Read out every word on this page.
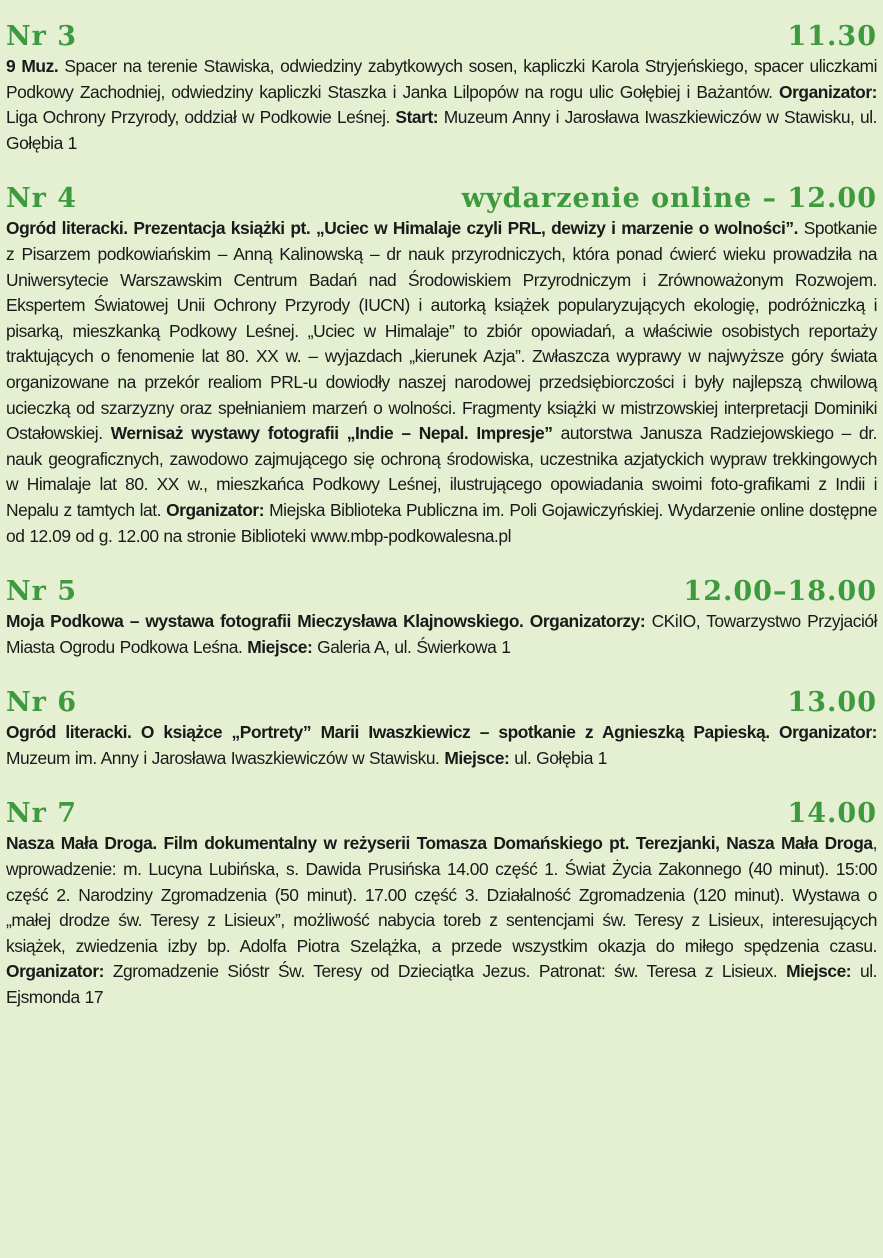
Nr 3	11.30
9 Muz. Spacer na terenie Stawiska, odwiedziny zabytkowych sosen, kapliczki Karola Stryjeńskiego, spacer uliczkami Podkowy Zachodniej, odwiedziny kapliczki Staszka i Janka Lilpopów na rogu ulic Gołębiej i Bażantów. Organizator: Liga Ochrony Przyrody, oddział w Podkowie Leśnej. Start: Muzeum Anny i Jarosława Iwaszkiewiczów w Stawisku, ul. Gołębia 1
Nr 4	wydarzenie online – 12.00
Ogród literacki. Prezentacja książki pt. „Uciec w Himalaje czyli PRL, dewizy i marzenie o wolności”. Spotkanie z Pisarzem podkowiańskim – Anną Kalinowską – dr nauk przyrodniczych, która ponad ćwierć wieku prowadziła na Uniwersytecie Warszawskim Centrum Badań nad Środowiskiem Przyrodniczym i Zrównoważonym Rozwojem. Ekspertem Światowej Unii Ochrony Przyrody (IUCN) i autorką książek popularyzujących ekologię, podróżniczką i pisarką, mieszkanką Podkowy Leśnej. „Uciec w Himalaje” to zbiór opowiadań, a właściwie osobistych reportaży traktujących o fenomenie lat 80. XX w. – wyjazdach „kierunek Azja”. Zwłaszcza wyprawy w najwyższe góry świata organizowane na przekór realiom PRL-u dowiodły naszej narodowej przedsiębiorczości i były najlepszą chwilową ucieczką od szarzyzny oraz spełnianiem marzeń o wolności. Fragmenty książki w mistrzowskiej interpretacji Dominiki Ostałowskiej. Wernisaż wystawy fotografii „Indie – Nepal. Impresje” autorstwa Janusza Radziejowskiego – dr. nauk geograficznych, zawodowo zajmującego się ochroną środowiska, uczestnika azjatyckich wypraw trekkingowych w Himalaje lat 80. XX w., mieszkańca Podkowy Leśnej, ilustrującego opowiadania swoimi foto-grafikami z Indii i Nepalu z tamtych lat. Organizator: Miejska Biblioteka Publiczna im. Poli Gojawiczyńskiej. Wydarzenie online dostępne od 12.09 od g. 12.00 na stronie Biblioteki www.mbp-podkowalesna.pl
Nr 5	12.00–18.00
Moja Podkowa – wystawa fotografii Mieczysława Klajnowskiego. Organizatorzy: CKiIO, Towarzystwo Przyjaciół Miasta Ogrodu Podkowa Leśna. Miejsce: Galeria A, ul. Świerkowa 1
Nr 6	13.00
Ogród literacki. O książce „Portrety” Marii Iwaszkiewicz – spotkanie z Agnieszką Papieską. Organizator: Muzeum im. Anny i Jarosława Iwaszkiewiczów w Stawisku. Miejsce: ul. Gołębia 1
Nr 7	14.00
Nasza Mała Droga. Film dokumentalny w reżyserii Tomasza Domańskiego pt. Terezjanki, Nasza Mała Droga, wprowadzenie: m. Lucyna Lubińska, s. Dawida Prusińska 14.00 część 1. Świat Życia Zakonnego (40 minut). 15:00 część 2. Narodziny Zgromadzenia (50 minut). 17.00 część 3. Działalność Zgromadzenia (120 minut). Wystawa o „małej drodze św. Teresy z Lisieux”, możliwość nabycia toreb z sentencjami św. Teresy z Lisieux, interesujących książek, zwiedzenia izby bp. Adolfa Piotra Szelążka, a przede wszystkim okazja do miłego spędzenia czasu. Organizator: Zgromadzenie Sióstr Św. Teresy od Dzieciątka Jezus. Patronat: św. Teresa z Lisieux. Miejsce: ul. Ejsmonda 17
